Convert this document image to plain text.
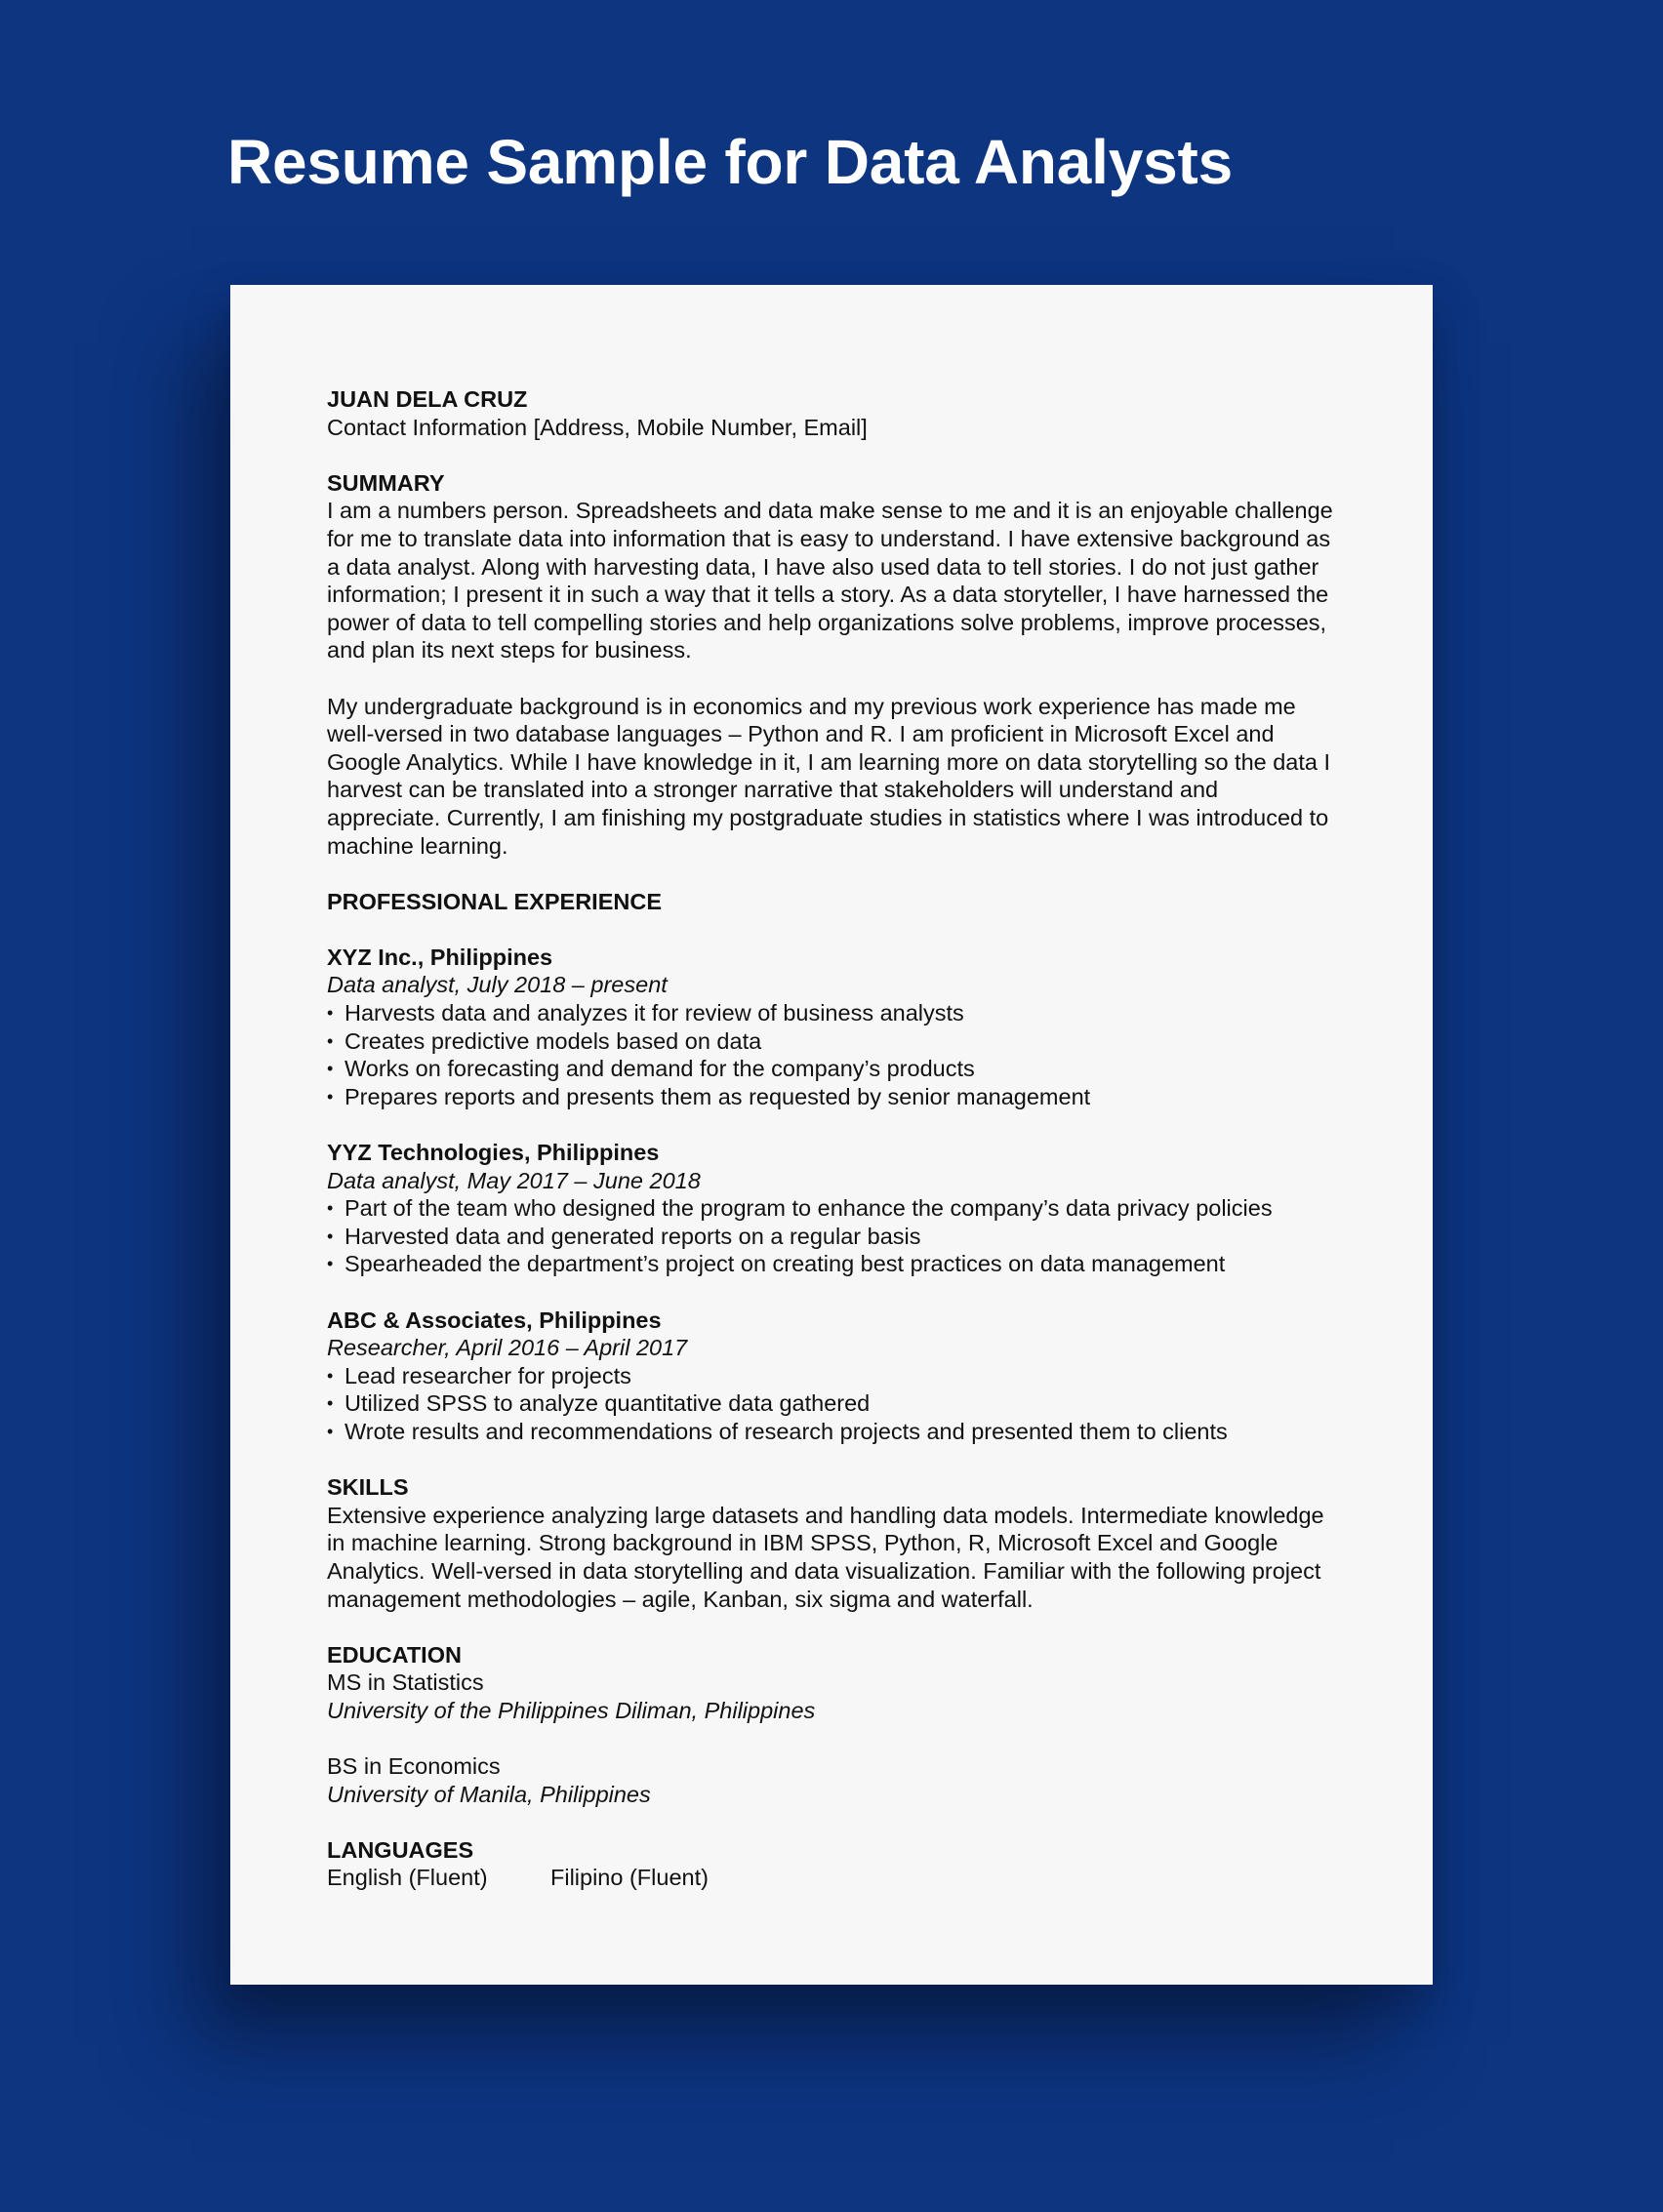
Resume Sample for Data Analysts

JUAN DELA CRUZ

Contact Information [Address, Mobile Number, Email]

SUMMARY

I am a numbers person. Spreadsheets and data make sense to me and it is an enjoyable challenge for me to translate data into information that is easy to understand. I have extensive background as a data analyst. Along with harvesting data, I have also used data to tell stories. I do not just gather information; I present it in such a way that it tells a story. As a data storyteller, I have harnessed the power of data to tell compelling stories and help organizations solve problems, improve processes, and plan its next steps for business.

My undergraduate background is in economics and my previous work experience has made me well-versed in two database languages – Python and R. I am proficient in Microsoft Excel and Google Analytics. While I have knowledge in it, I am learning more on data storytelling so the data I harvest can be translated into a stronger narrative that stakeholders will understand and appreciate. Currently, I am finishing my postgraduate studies in statistics where I was introduced to machine learning.

PROFESSIONAL EXPERIENCE

XYZ Inc., Philippines

Data analyst, July 2018 – present

• Harvests data and analyzes it for review of business analysts
• Creates predictive models based on data
• Works on forecasting and demand for the company’s products
• Prepares reports and presents them as requested by senior management

YYZ Technologies, Philippines

Data analyst, May 2017 – June 2018

• Part of the team who designed the program to enhance the company’s data privacy policies
• Harvested data and generated reports on a regular basis
• Spearheaded the department’s project on creating best practices on data management

ABC & Associates, Philippines

Researcher, April 2016 – April 2017

• Lead researcher for projects
• Utilized SPSS to analyze quantitative data gathered
• Wrote results and recommendations of research projects and presented them to clients

SKILLS

Extensive experience analyzing large datasets and handling data models. Intermediate knowledge in machine learning. Strong background in IBM SPSS, Python, R, Microsoft Excel and Google Analytics. Well-versed in data storytelling and data visualization. Familiar with the following project management methodologies – agile, Kanban, six sigma and waterfall.

EDUCATION

MS in Statistics

University of the Philippines Diliman, Philippines

BS in Economics

University of Manila, Philippines

LANGUAGES

English (Fluent)	Filipino (Fluent)
